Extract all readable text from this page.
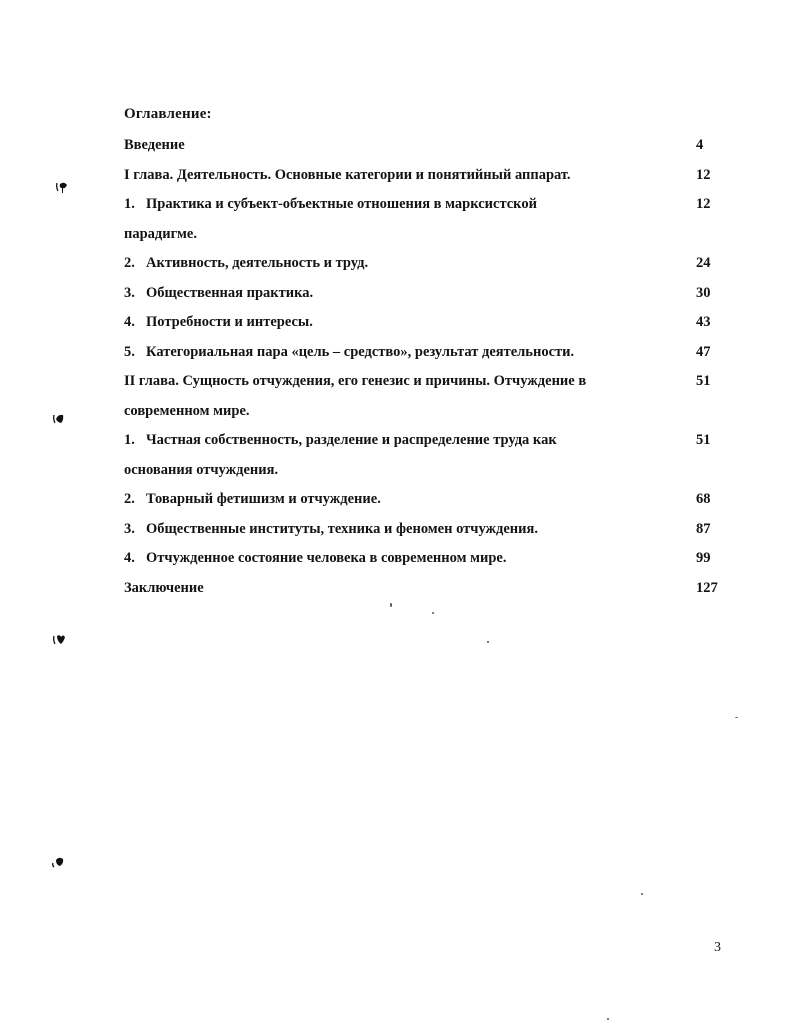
Оглавление:
Введение	4
I глава. Деятельность. Основные категории и понятийный аппарат.	12
1. Практика и субъект-объектные отношения в марксистской	12
парадигме.
2. Активность, деятельность и труд.	24
3. Общественная практика.	30
4. Потребности и интересы.	43
5. Категориальная пара «цель – средство», результат деятельности.	47
II глава. Сущность отчуждения, его генезис и причины. Отчуждение в	51
современном мире.
1. Частная собственность, разделение и распределение труда как	51
основания отчуждения.
2. Товарный фетишизм и отчуждение.	68
3. Общественные институты, техника и феномен отчуждения.	87
4. Отчужденное состояние человека в современном мире.	99
Заключение	127
3
